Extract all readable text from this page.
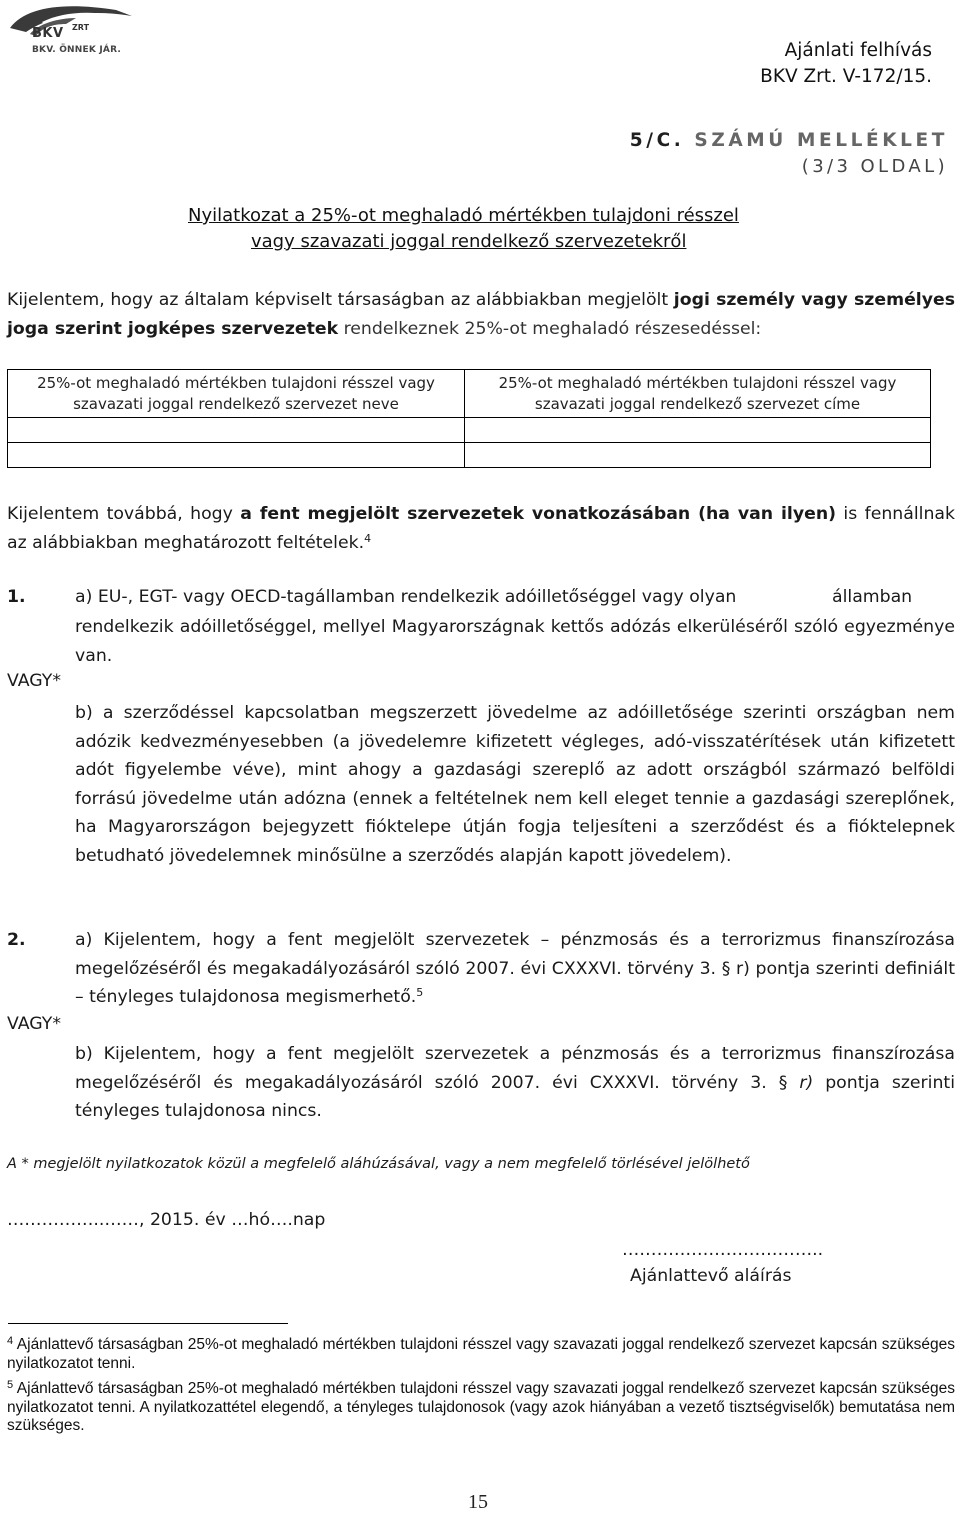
BKV ZRT
BKV. ÖNNEK JÁR.	Ajánlati felhívás
BKV Zrt. V-172/15.
5/C. SZÁMÚ MELLÉKLET
(3/3 OLDAL)
Nyilatkozat a 25%-ot meghaladó mértékben tulajdoni résszel
vagy szavazati joggal rendelkező szervezetekről
Kijelentem, hogy az általam képviselt társaságban az alábbiakban megjelölt jogi személy vagy személyes joga szerint jogképes szervezetek rendelkeznek 25%-ot meghaladó részesedéssel:
25%-ot meghaladó mértékben tulajdoni résszel vagy szavazati joggal rendelkező szervezet neve	25%-ot meghaladó mértékben tulajdoni résszel vagy szavazati joggal rendelkező szervezet címe

Kijelentem továbbá, hogy a fent megjelölt szervezetek vonatkozásában (ha van ilyen) is fennállnak az alábbiakban meghatározott feltételek.$^4$
1.	a) EU-, EGT- vagy OECD-tagállamban rendelkezik adóilletőséggel vagy olyan	államban
rendelkezik adóilletőséggel, mellyel Magyarországnak kettős adózás elkerüléséről szóló egyezménye van.
VAGY*
b) a szerződéssel kapcsolatban megszerzett jövedelme az adóilletősége szerinti országban nem adózik kedvezményesebben (a jövedelemre kifizetett végleges, adó-visszatérítések után kifizetett adót figyelembe véve), mint ahogy a gazdasági szereplő az adott országból származó belföldi forrású jövedelme után adózna (ennek a feltételnek nem kell eleget tennie a gazdasági szereplőnek, ha Magyarországon bejegyzett fióktelepe útján fogja teljesíteni a szerződést és a fióktelepnek betudható jövedelemnek minősülne a szerződés alapján kapott jövedelem).
2.	a) Kijelentem, hogy a fent megjelölt szervezetek – pénzmosás és a terrorizmus finanszírozása megelőzéséről és megakadályozásáról szóló 2007. évi CXXXVI. törvény 3. § r) pontja szerinti definiált – tényleges tulajdonosa megismerhető.$^5$
VAGY*
b) Kijelentem, hogy a fent megjelölt szervezetek a pénzmosás és a terrorizmus finanszírozása megelőzéséről és megakadályozásáról szóló 2007. évi CXXXVI. törvény 3. § r) pontja szerinti tényleges tulajdonosa nincs.
A * megjelölt nyilatkozatok közül a megfelelő aláhúzásával, vagy a nem megfelelő törlésével jelölhető
……………..……, 2015. év …hó….nap
……………………………..
Ajánlattevő aláírás
$^4$ Ajánlattevő társaságban 25%-ot meghaladó mértékben tulajdoni résszel vagy szavazati joggal rendelkező szervezet kapcsán szükséges nyilatkozatot tenni.
$^5$ Ajánlattevő társaságban 25%-ot meghaladó mértékben tulajdoni résszel vagy szavazati joggal rendelkező szervezet kapcsán szükséges nyilatkozatot tenni. A nyilatkozattétel elegendő, a tényleges tulajdonosok (vagy azok hiányában a vezető tisztségviselők) bemutatása nem szükséges.
15
